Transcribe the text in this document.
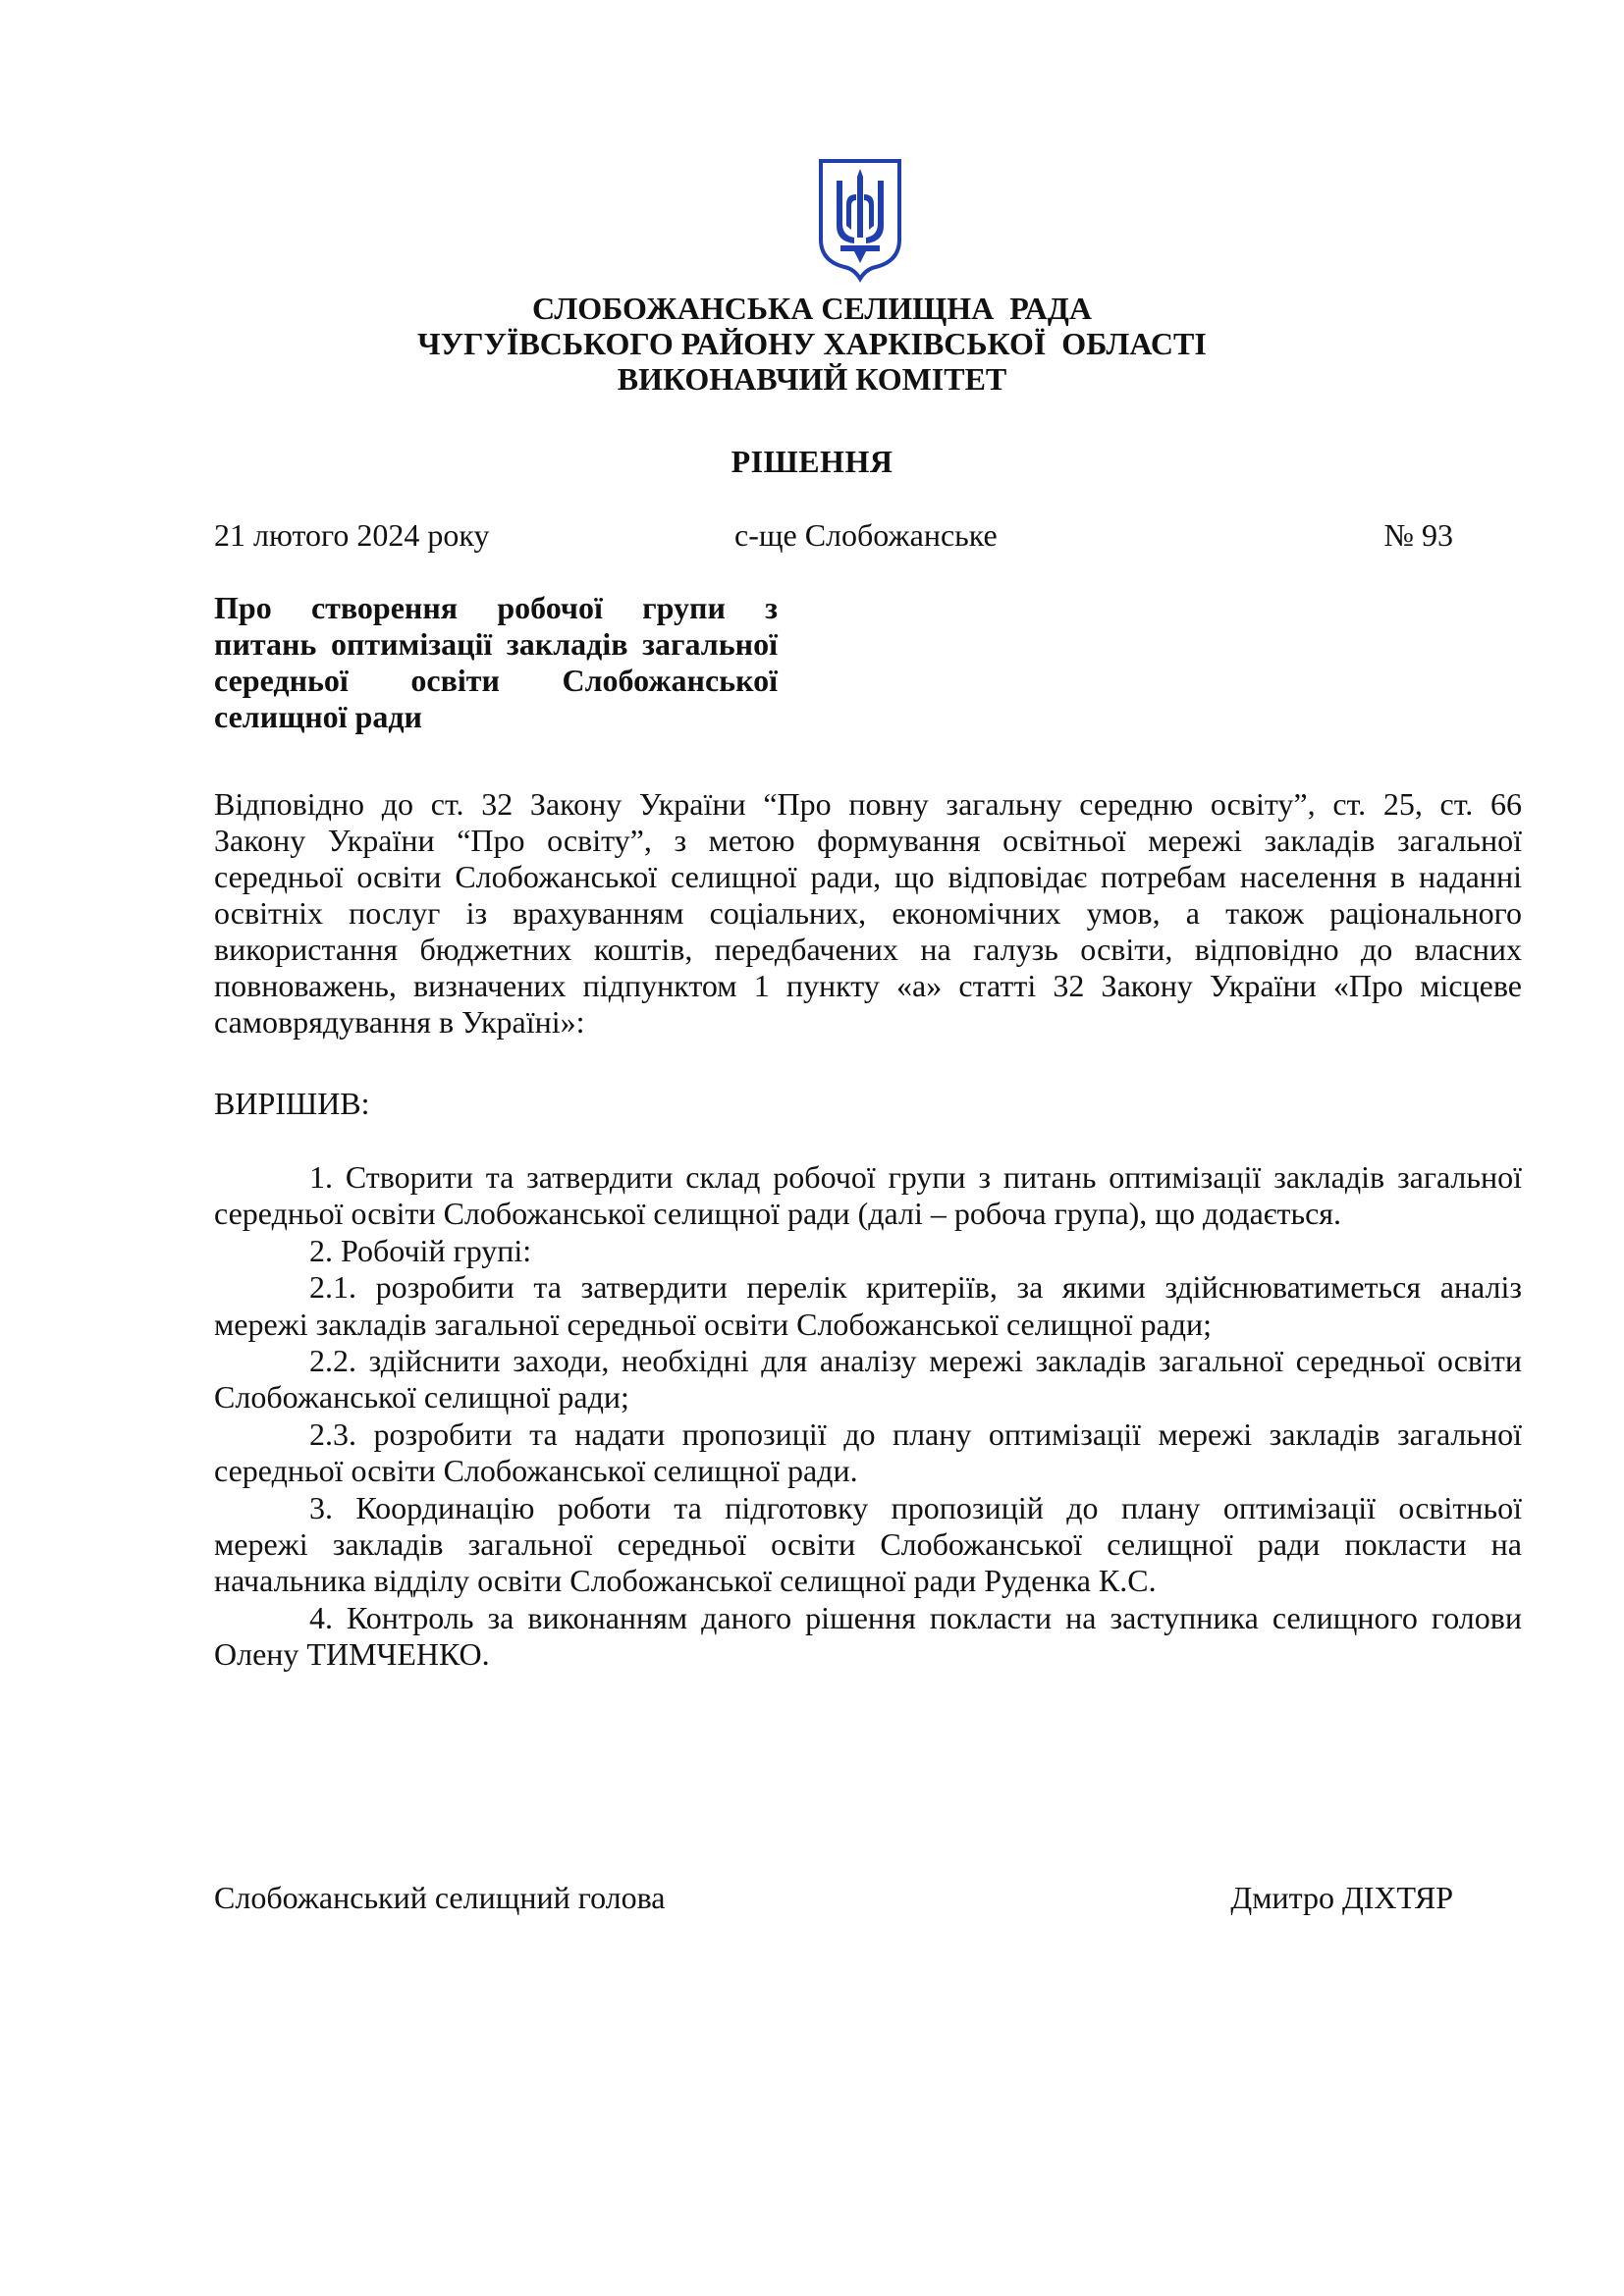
СЛОБОЖАНСЬКА СЕЛИЩНА  РАДА
ЧУГУЇВСЬКОГО РАЙОНУ ХАРКІВСЬКОЇ  ОБЛАСТІ
ВИКОНАВЧИЙ КОМІТЕТ
РІШЕННЯ
21 лютого 2024 року	с-ще Слобожанське	№ 93
Про створення робочої групи з
питань оптимізації закладів загальної
середньої освіти Слобожанської
селищної ради
Відповідно до ст. 32 Закону України “Про повну загальну середню освіту”, ст. 25, ст. 66
Закону України “Про освіту”, з метою формування освітньої мережі закладів загальної
середньої освіти Слобожанської селищної ради, що відповідає потребам населення в наданні
освітніх послуг із врахуванням соціальних, економічних умов, а також раціонального
використання бюджетних коштів, передбачених на галузь освіти, відповідно до власних
повноважень, визначених підпунктом 1 пункту «а» статті 32 Закону України «Про місцеве
самоврядування в Україні»:
ВИРІШИВ:
1. Створити та затвердити склад робочої групи з питань оптимізації закладів загальної
середньої освіти Слобожанської селищної ради (далі – робоча група), що додається.
2. Робочій групі:
2.1. розробити та затвердити перелік критеріїв, за якими здійснюватиметься аналіз
мережі закладів загальної середньої освіти Слобожанської селищної ради;
2.2. здійснити заходи, необхідні для аналізу мережі закладів загальної середньої освіти
Слобожанської селищної ради;
2.3. розробити та надати пропозиції до плану оптимізації мережі закладів загальної
середньої освіти Слобожанської селищної ради.
3. Координацію роботи та підготовку пропозицій до плану оптимізації освітньої
мережі закладів загальної середньої освіти Слобожанської селищної ради покласти на
начальника відділу освіти Слобожанської селищної ради Руденка К.С.
4. Контроль за виконанням даного рішення покласти на заступника селищного голови
Олену ТИМЧЕНКО.
Слобожанський селищний голова	Дмитро ДІХТЯР
